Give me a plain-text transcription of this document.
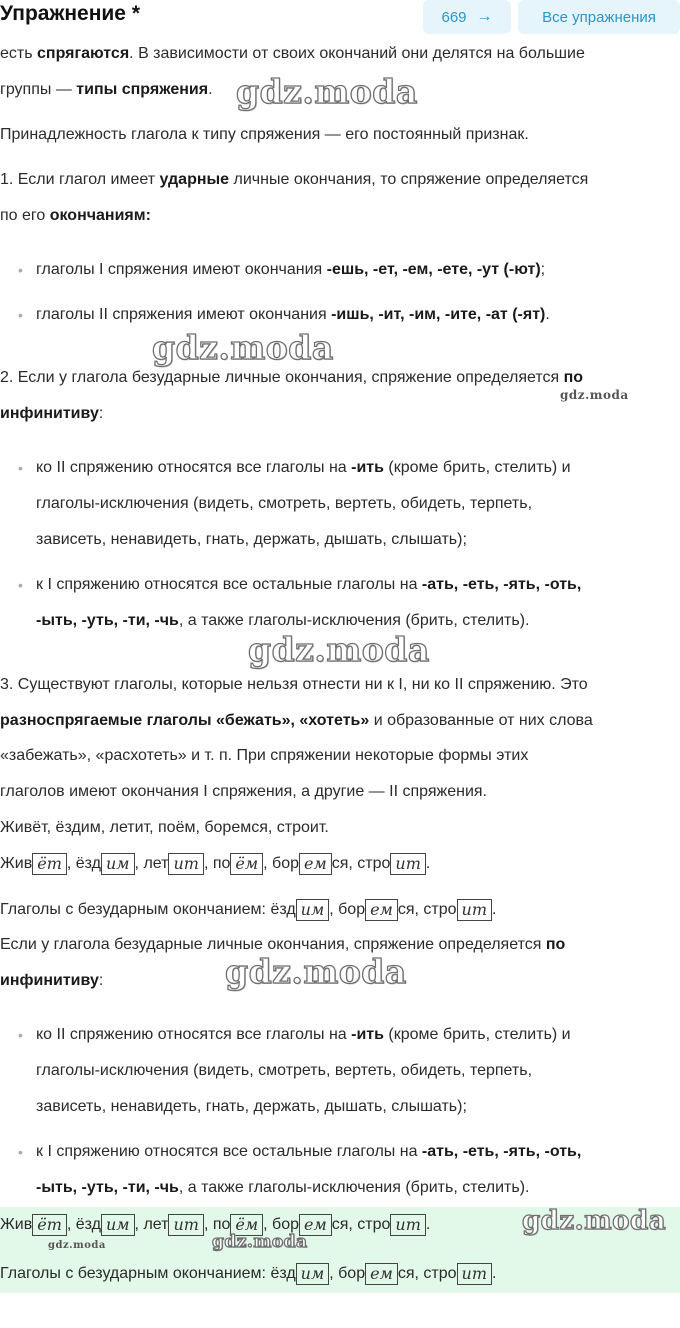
Упражнение *	669 →	Все упражнения
есть спрягаются. В зависимости от своих окончаний они делятся на большие
группы — типы спряжения. gdz.moda
Принадлежность глагола к типу спряжения — его постоянный признак.
1. Если глагол имеет ударные личные окончания, то спряжение определяется
по его окончаниям:
• глаголы I спряжения имеют окончания -ешь, -ет, -ем, -ете, -ут (-ют);
• глаголы II спряжения имеют окончания -ишь, -ит, -им, -ите, -ат (-ят).
gdz.moda
2. Если у глагола безударные личные окончания, спряжение определяется по
gdz.moda
инфинитиву:
• ко II спряжению относятся все глаголы на -ить (кроме брить, стелить) и
глаголы-исключения (видеть, смотреть, вертеть, обидеть, терпеть,
зависеть, ненавидеть, гнать, держать, дышать, слышать);
• к I спряжению относятся все остальные глаголы на -ать, -еть, -ять, -оть,
-ыть, -уть, -ти, -чь, а также глаголы-исключения (брить, стелить).
gdz.moda
3. Существуют глаголы, которые нельзя отнести ни к I, ни ко II спряжению. Это
разноспрягаемые глаголы «бежать», «хотеть» и образованные от них слова
«забежать», «расхотеть» и т. п. При спряжении некоторые формы этих
глаголов имеют окончания I спряжения, а другие — II спряжения.
Живёт, ёздим, летит, поём, боремся, строит.
Жив ёт , ёзд им , лет ит , по ём , бор ем ся, стро ит .
Глаголы с безударным окончанием: ёзд им , бор ем ся, стро ит .
Если у глагола безударные личные окончания, спряжение определяется по
gdz.moda
инфинитиву:
• ко II спряжению относятся все глаголы на -ить (кроме брить, стелить) и
глаголы-исключения (видеть, смотреть, вертеть, обидеть, терпеть,
зависеть, ненавидеть, гнать, держать, дышать, слышать);
• к I спряжению относятся все остальные глаголы на -ать, -еть, -ять, -оть,
-ыть, -уть, -ти, -чь, а также глаголы-исключения (брить, стелить).
Жив ёт , ёзд им , лет ит , по ём , бор ем ся, стро ит .	gdz.moda
gdz.moda	gdz.moda
Глаголы с безударным окончанием: ёзд им , бор ем ся, стро ит .
